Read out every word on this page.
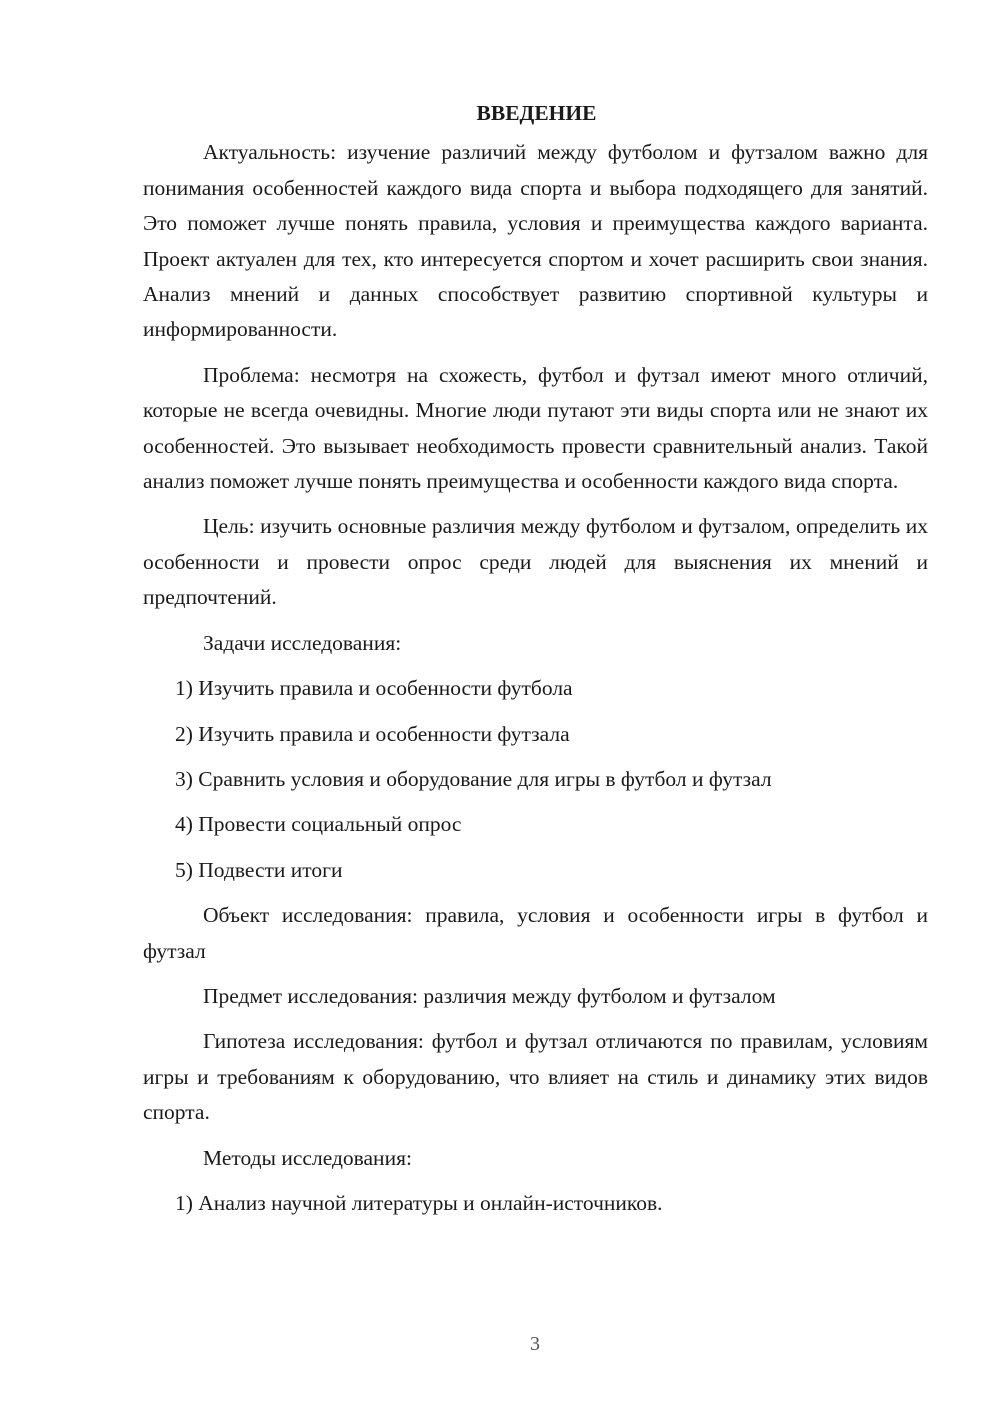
ВВЕДЕНИЕ

Актуальность: изучение различий между футболом и футзалом важно для понимания особенностей каждого вида спорта и выбора подходящего для занятий. Это поможет лучше понять правила, условия и преимущества каждого варианта. Проект актуален для тех, кто интересуется спортом и хочет расширить свои знания. Анализ мнений и данных способствует развитию спортивной культуры и информированности.

Проблема: несмотря на схожесть, футбол и футзал имеют много отличий, которые не всегда очевидны. Многие люди путают эти виды спорта или не знают их особенностей. Это вызывает необходимость провести сравнительный анализ. Такой анализ поможет лучше понять преимущества и особенности каждого вида спорта.

Цель: изучить основные различия между футболом и футзалом, определить их особенности и провести опрос среди людей для выяснения их мнений и предпочтений.

Задачи исследования:
1) Изучить правила и особенности футбола
2) Изучить правила и особенности футзала
3) Сравнить условия и оборудование для игры в футбол и футзал
4) Провести социальный опрос
5) Подвести итоги

Объект исследования: правила, условия и особенности игры в футбол и футзал

Предмет исследования: различия между футболом и футзалом

Гипотеза исследования: футбол и футзал отличаются по правилам, условиям игры и требованиям к оборудованию, что влияет на стиль и динамику этих видов спорта.

Методы исследования:
1) Анализ научной литературы и онлайн-источников.
3
